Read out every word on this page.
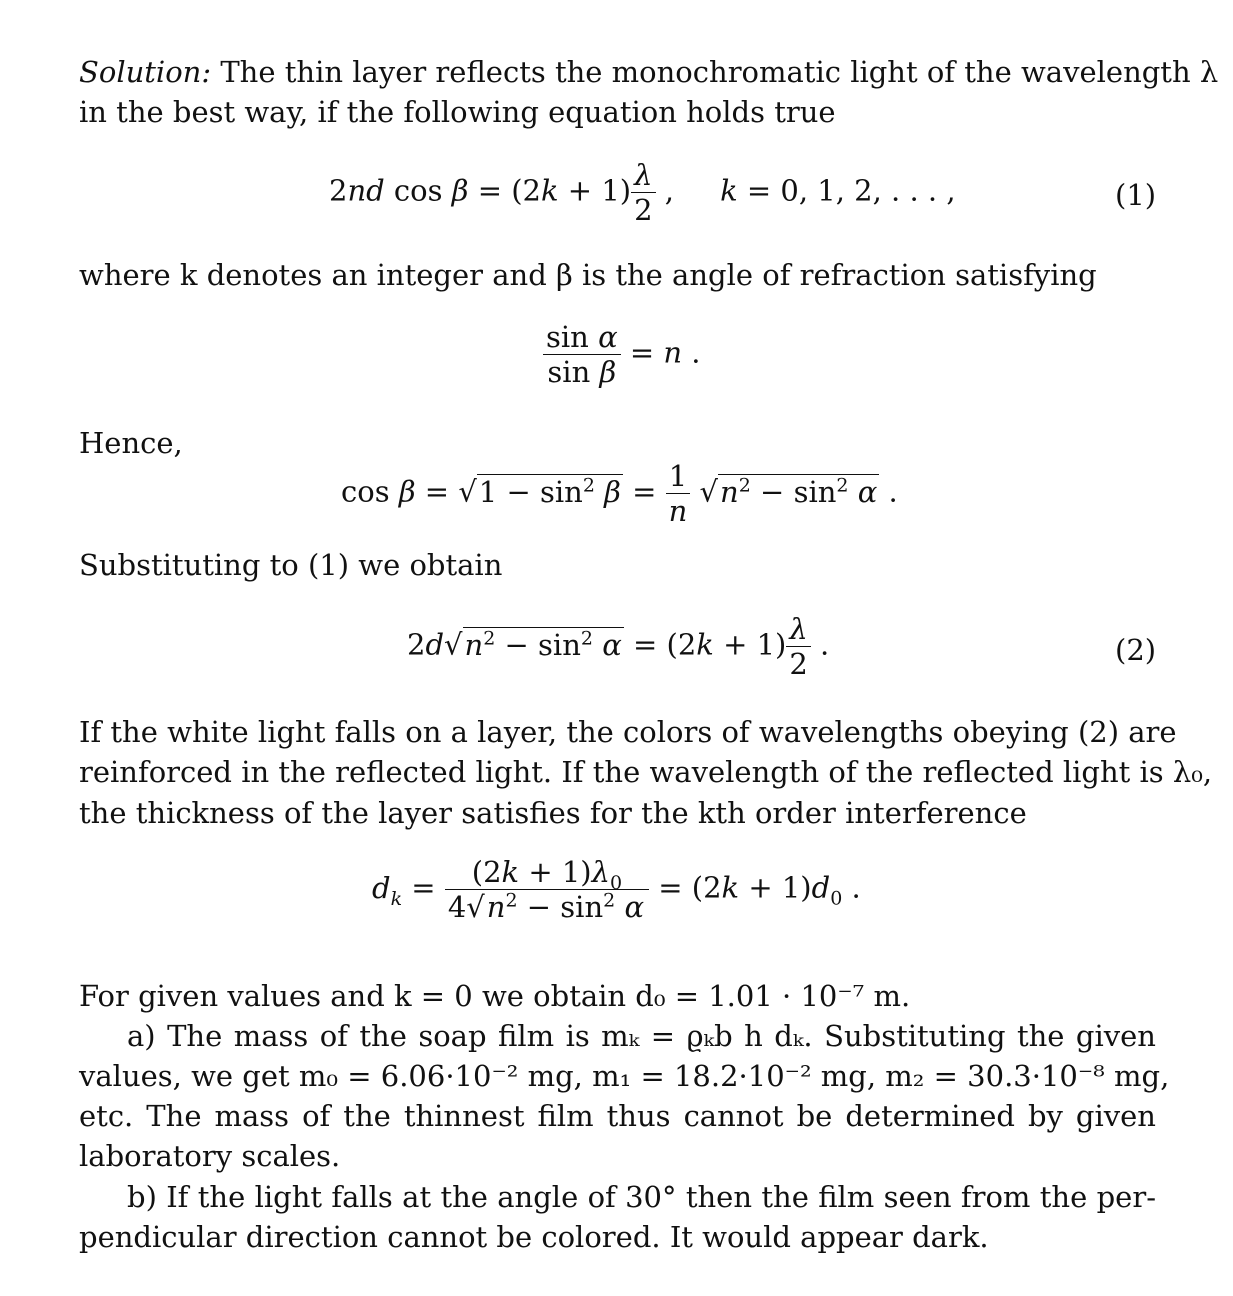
Solution: The thin layer reflects the monochromatic light of the wavelength λ
in the best way, if the following equation holds true
2nd $\cos \beta = (2k + 1) \frac{\lambda}{2}$ ,     k = 0, 1, 2, . . . ,	(1)
where k denotes an integer and β is the angle of refraction satisfying
$\frac{\text{sin α}}{\text{sin β}} = n$ .
Hence,
$\cos \beta = √1 - \sin^2 \beta = \frac{1}{n} √n^2 - \sin^2 \alpha$ .
Substituting to (1) we obtain
$2d√n^2 - \sin^2 \alpha = (2k + 1) \frac{\lambda}{2}$ .	(2)
If the white light falls on a layer, the colors of wavelengths obeying (2) are
reinforced in the reflected light. If the wavelength of the reflected light is λ₀,
the thickness of the layer satisfies for the kth order interference
$d_k = \frac{(2k + 1)\lambda_0}{4√n^2 - \sin^2 \alpha} = (2k + 1)d_0$ .
For given values and k = 0 we obtain d₀ = 1.01 · 10⁻⁷ m.
a) The mass of the soap film is mₖ = ϱₖb h dₖ. Substituting the given
values, we get m₀ = 6.06·10⁻² mg, m₁ = 18.2·10⁻² mg, m₂ = 30.3·10⁻⁸ mg,
etc. The mass of the thinnest film thus cannot be determined by given
laboratory scales.
b) If the light falls at the angle of 30° then the film seen from the per-
pendicular direction cannot be colored. It would appear dark.
